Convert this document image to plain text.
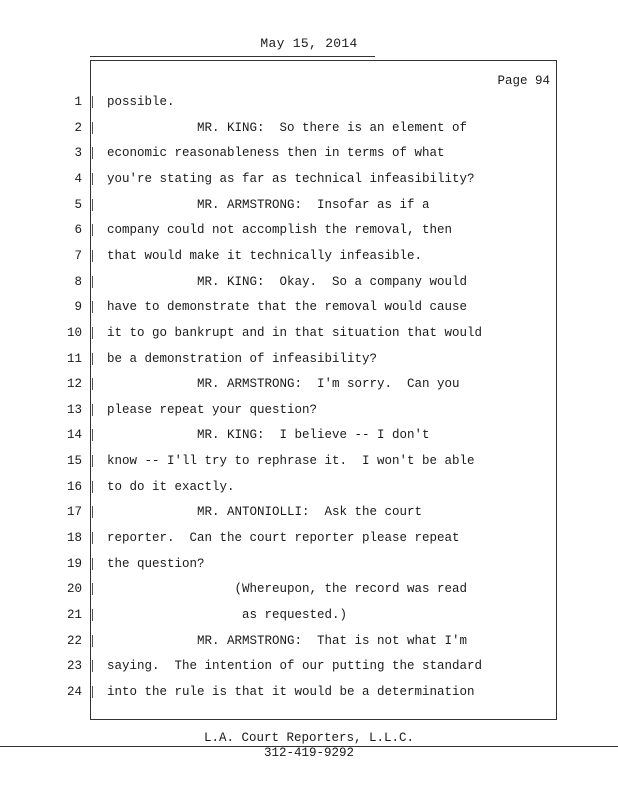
May 15, 2014
Page 94
1 possible.
2 MR. KING:  So there is an element of
3 economic reasonableness then in terms of what
4 you're stating as far as technical infeasibility?
5 MR. ARMSTRONG:  Insofar as if a
6 company could not accomplish the removal, then
7 that would make it technically infeasible.
8 MR. KING:  Okay.  So a company would
9 have to demonstrate that the removal would cause
10 it to go bankrupt and in that situation that would
11 be a demonstration of infeasibility?
12 MR. ARMSTRONG:  I'm sorry.  Can you
13 please repeat your question?
14 MR. KING:  I believe -- I don't
15 know -- I'll try to rephrase it.  I won't be able
16 to do it exactly.
17 MR. ANTONIOLLI:  Ask the court
18 reporter.  Can the court reporter please repeat
19 the question?
20 (Whereupon, the record was read
21 as requested.)
22 MR. ARMSTRONG:  That is not what I'm
23 saying.  The intention of our putting the standard
24 into the rule is that it would be a determination
L.A. Court Reporters, L.L.C.
312-419-9292
